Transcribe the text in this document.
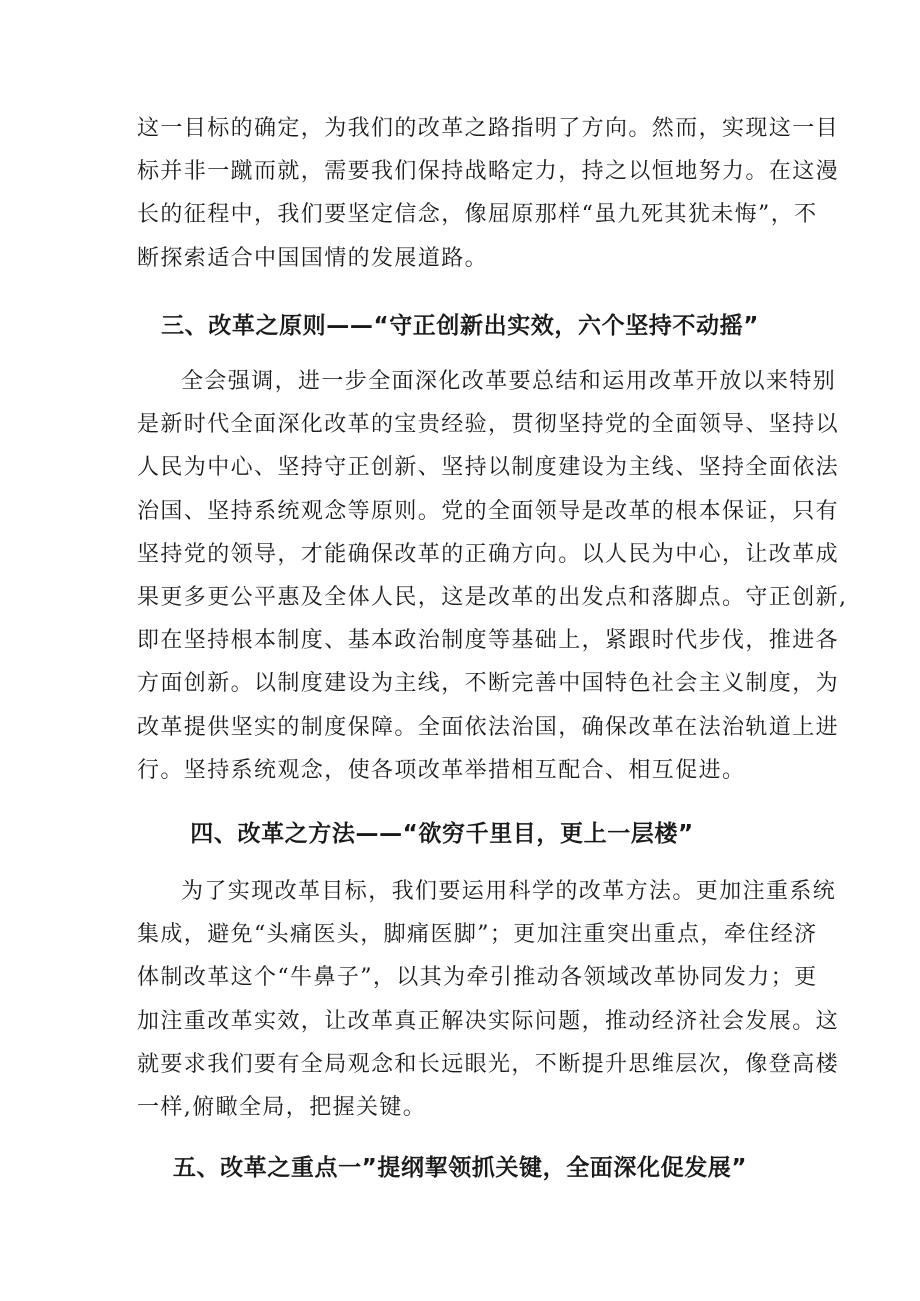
这一目标的确定，为我们的改革之路指明了方向。然而，实现这一目
标并非一蹴而就，需要我们保持战略定力，持之以恒地努力。在这漫
长的征程中，我们要坚定信念，像屈原那样“虽九死其犹未悔”，不
断探索适合中国国情的发展道路。
三、改革之原则——“守正创新出实效，六个坚持不动摇”
全会强调，进一步全面深化改革要总结和运用改革开放以来特别
是新时代全面深化改革的宝贵经验，贯彻坚持党的全面领导、坚持以
人民为中心、坚持守正创新、坚持以制度建设为主线、坚持全面依法
治国、坚持系统观念等原则。党的全面领导是改革的根本保证，只有
坚持党的领导，才能确保改革的正确方向。以人民为中心，让改革成
果更多更公平惠及全体人民，这是改革的出发点和落脚点。守正创新,
即在坚持根本制度、基本政治制度等基础上，紧跟时代步伐，推进各
方面创新。以制度建设为主线，不断完善中国特色社会主义制度，为
改革提供坚实的制度保障。全面依法治国，确保改革在法治轨道上进
行。坚持系统观念，使各项改革举措相互配合、相互促进。
四、改革之方法——“欲穷千里目，更上一层楼”
为了实现改革目标，我们要运用科学的改革方法。更加注重系统
集成，避免“头痛医头，脚痛医脚”；更加注重突出重点，牵住经济
体制改革这个“牛鼻子”，以其为牵引推动各领域改革协同发力；更
加注重改革实效，让改革真正解决实际问题，推动经济社会发展。这
就要求我们要有全局观念和长远眼光，不断提升思维层次，像登高楼
一样,俯瞰全局，把握关键。
五、改革之重点一”提纲挈领抓关键，全面深化促发展”
